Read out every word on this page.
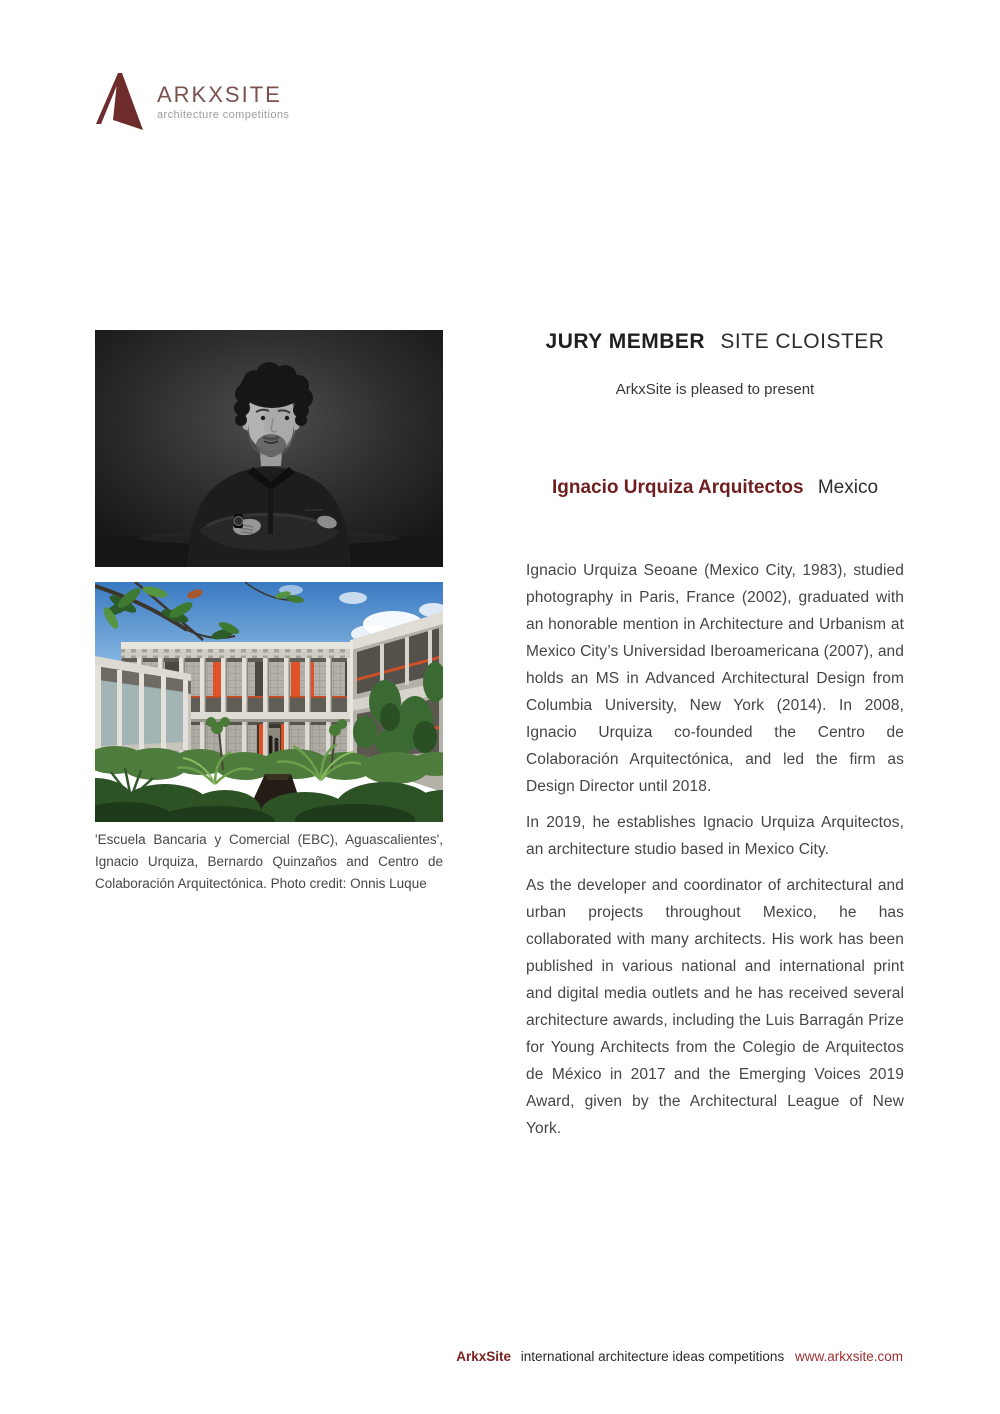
ARKXSITE
architecture competitions

'Escuela Bancaria y Comercial (EBC), Aguascalientes', Ignacio Urquiza, Bernardo Quinzaños and Centro de Colaboración Arquitectónica. Photo credit: Onnis Luque

JURY MEMBER SITE CLOISTER

ArkxSite is pleased to present

Ignacio Urquiza Arquitectos Mexico

Ignacio Urquiza Seoane (Mexico City, 1983), studied photography in Paris, France (2002), graduated with an honorable mention in Architecture and Urbanism at Mexico City’s Universidad Iberoamericana (2007), and holds an MS in Advanced Architectural Design from Columbia University, New York (2014). In 2008, Ignacio Urquiza co-founded the Centro de Colaboración Arquitectónica, and led the firm as Design Director until 2018.

In 2019, he establishes Ignacio Urquiza Arquitectos, an architecture studio based in Mexico City.

As the developer and coordinator of architectural and urban projects throughout Mexico, he has collaborated with many architects. His work has been published in various national and international print and digital media outlets and he has received several architecture awards, including the Luis Barragán Prize for Young Architects from the Colegio de Arquitectos de México in 2017 and the Emerging Voices 2019 Award, given by the Architectural League of New York.

ArkxSite international architecture ideas competitions www.arkxsite.com
